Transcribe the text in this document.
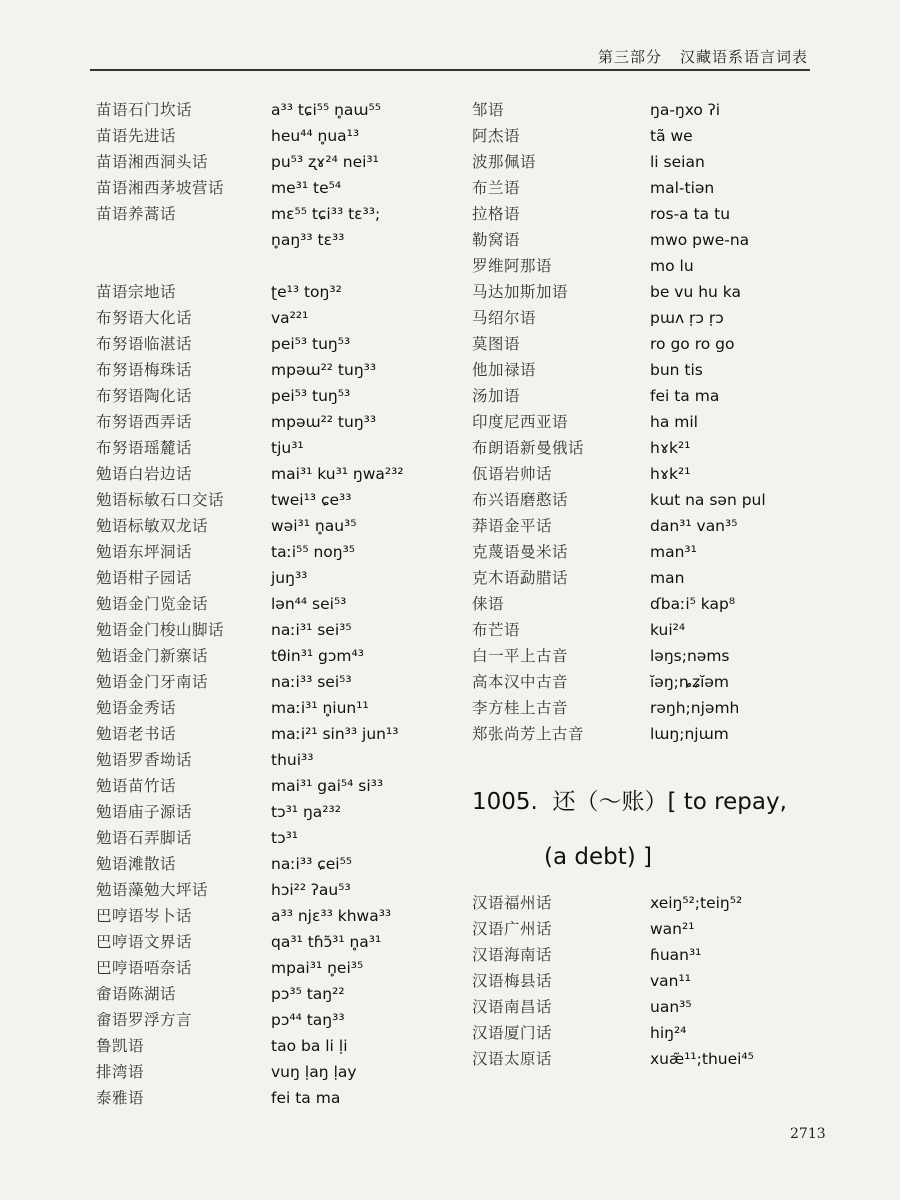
第三部分 汉藏语系语言词表
苗语石门坎话	a³³ tɕi⁵⁵ n̥aɯ⁵⁵
苗语先进话	heu⁴⁴ n̥ua¹³
苗语湘西洞头话	pu⁵³ ʐɤ²⁴ nei³¹
苗语湘西茅坡营话	me³¹ te⁵⁴
苗语养蒿话	mɛ⁵⁵ tɕi³³ tɛ³³;
n̥aŋ³³ tɛ³³
苗语宗地话	ʈe¹³ toŋ³²
布努语大化话	va²²¹
布努语临湛话	pei⁵³ tuŋ⁵³
布努语梅珠话	mpəɯ²² tuŋ³³
布努语陶化话	pei⁵³ tuŋ⁵³
布努语西弄话	mpəɯ²² tuŋ³³
布努语瑶麓话	tju³¹
勉语白岩边话	mai³¹ ku³¹ ŋwa²³²
勉语标敏石口交话	twei¹³ ɕe³³
勉语标敏双龙话	wəi³¹ n̥au³⁵
勉语东坪洞话	taːi⁵⁵ noŋ³⁵
勉语柑子园话	juŋ³³
勉语金门览金话	lən⁴⁴ sei⁵³
勉语金门梭山脚话	naːi³¹ sei³⁵
勉语金门新寨话	tθin³¹ gɔm⁴³
勉语金门牙南话	naːi³³ sei⁵³
勉语金秀话	maːi³¹ n̥iun¹¹
勉语老书话	maːi²¹ sin³³ jun¹³
勉语罗香坳话	thui³³
勉语苗竹话	mai³¹ gai⁵⁴ si³³
勉语庙子源话	tɔ³¹ ŋa²³²
勉语石弄脚话	tɔ³¹
勉语滩散话	naːi³³ ɕei⁵⁵
勉语藻勉大坪话	hɔi²² ʔau⁵³
巴哼语岑卜话	a³³ njɛ³³ khwa³³
巴哼语文界话	qa³¹ tɦɔ̃³¹ n̥a³¹
巴哼语唔奈话	mpai³¹ n̥ei³⁵
畲语陈湖话	pɔ³⁵ taŋ²²
畲语罗浮方言	pɔ⁴⁴ taŋ³³
鲁凯语	tao ba li ḷi
排湾语	vuŋ ḷaŋ ḷay
泰雅语	fei ta ma
邹语	ŋa-ŋxo ʔi
阿杰语	tã we
波那佩语	li seian
布兰语	mal-tiən
拉格语	ros-a ta tu
勒窝语	mwo pwe-na
罗维阿那语	mo lu
马达加斯加语	be vu hu ka
马绍尔语	pɯʌ ṛɔ ṛɔ
莫图语	ro go ro go
他加禄语	bun tis
汤加语	fei ta ma
印度尼西亚语	ha mil
布朗语新曼俄话	hɤk²¹
佤语岩帅话	hɤk²¹
布兴语磨憨话	kɯt na sən pul
莽语金平话	dan³¹ van³⁵
克蔑语曼米话	man³¹
克木语勐腊话	man
俫语	ɗbaːi⁵ kap⁸
布芒语	kui²⁴
白一平上古音	ləŋs;nəms
高本汉中古音	ĭəŋ;ȵʑĭəm
李方桂上古音	rəŋh;njəmh
郑张尚芳上古音	lɯŋ;njɯm
1005. 还（～账）[ to repay,
(a debt) ]
汉语福州话	xeiŋ⁵²;teiŋ⁵²
汉语广州话	wan²¹
汉语海南话	ɦuan³¹
汉语梅县话	van¹¹
汉语南昌话	uan³⁵
汉语厦门话	hiŋ²⁴
汉语太原话	xuæ̃¹¹;thuei⁴⁵
2713
